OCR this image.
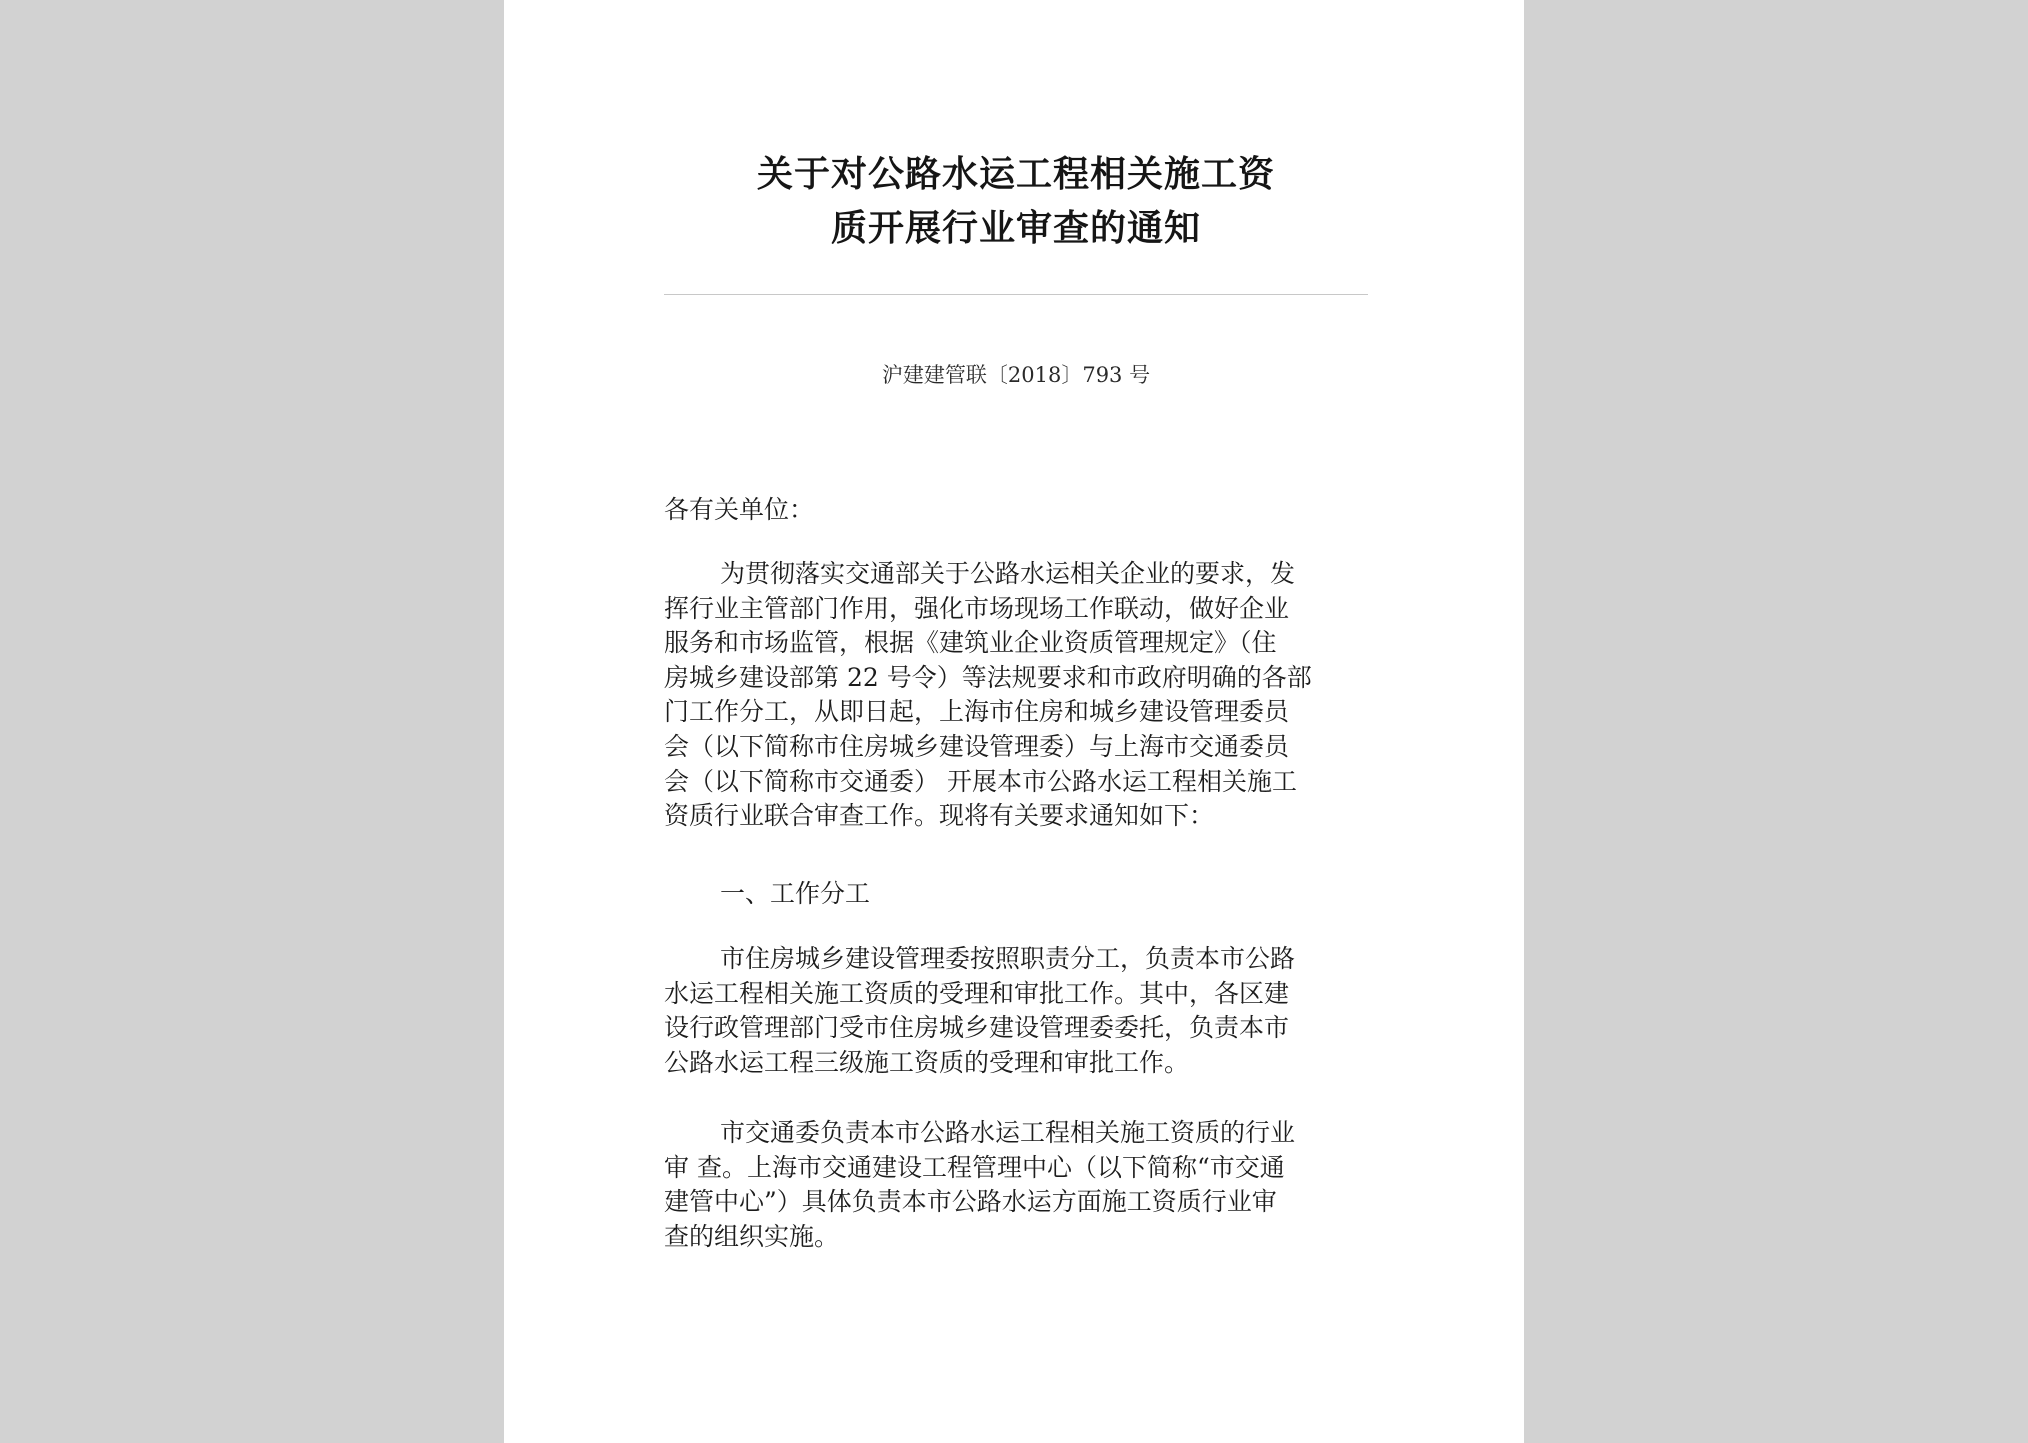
关于对公路水运工程相关施工资
质开展行业审查的通知
沪建建管联〔2018〕793 号
各有关单位：
为贯彻落实交通部关于公路水运相关企业的要求，发
挥行业主管部门作用，强化市场现场工作联动，做好企业
服务和市场监管，根据《建筑业企业资质管理规定》（住
房城乡建设部第 22 号令）等法规要求和市政府明确的各部
门工作分工，从即日起，上海市住房和城乡建设管理委员
会（以下简称市住房城乡建设管理委）与上海市交通委员
会（以下简称市交通委） 开展本市公路水运工程相关施工
资质行业联合审查工作。现将有关要求通知如下：
一、工作分工
市住房城乡建设管理委按照职责分工，负责本市公路
水运工程相关施工资质的受理和审批工作。其中，各区建
设行政管理部门受市住房城乡建设管理委委托，负责本市
公路水运工程三级施工资质的受理和审批工作。
市交通委负责本市公路水运工程相关施工资质的行业
审 查。上海市交通建设工程管理中心（以下简称“市交通
建管中心”）具体负责本市公路水运方面施工资质行业审
查的组织实施。
